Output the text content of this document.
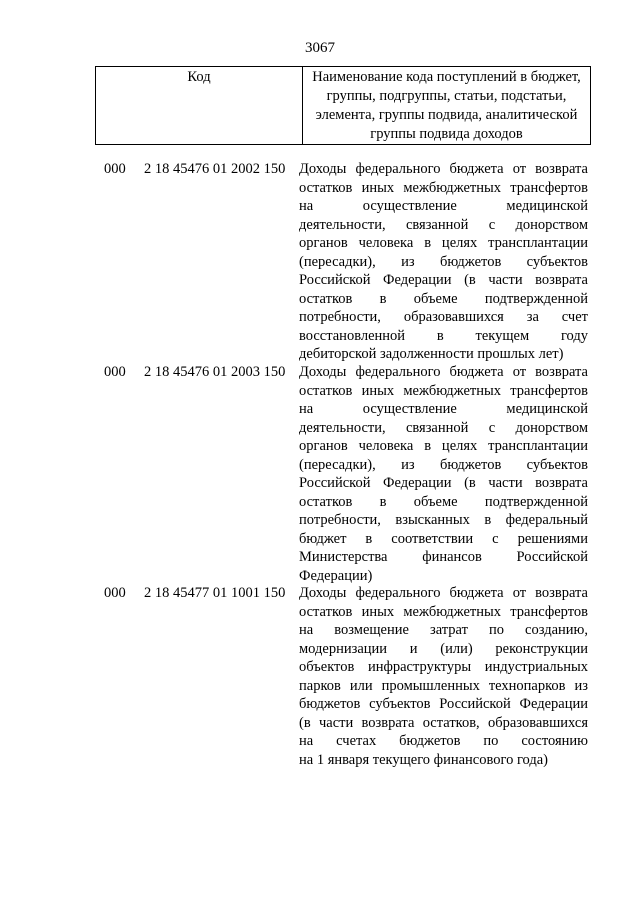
3067
Код	Наименование кода поступлений в бюджет, группы, подгруппы, статьи, подстатьи, элемента, группы подвида, аналитической группы подвида доходов
000 2 18 45476 01 2002 150 Доходы федерального бюджета от возврата
остатков иных межбюджетных трансфертов
на осуществление медицинской
деятельности, связанной с донорством
органов человека в целях трансплантации
(пересадки), из бюджетов субъектов
Российской Федерации (в части возврата
остатков в объеме подтвержденной
потребности, образовавшихся за счет
восстановленной в текущем году
дебиторской задолженности прошлых лет)
000 2 18 45476 01 2003 150 Доходы федерального бюджета от возврата
остатков иных межбюджетных трансфертов
на осуществление медицинской
деятельности, связанной с донорством
органов человека в целях трансплантации
(пересадки), из бюджетов субъектов
Российской Федерации (в части возврата
остатков в объеме подтвержденной
потребности, взысканных в федеральный
бюджет в соответствии с решениями
Министерства финансов Российской
Федерации)
000 2 18 45477 01 1001 150 Доходы федерального бюджета от возврата
остатков иных межбюджетных трансфертов
на возмещение затрат по созданию,
модернизации и (или) реконструкции
объектов инфраструктуры индустриальных
парков или промышленных технопарков из
бюджетов субъектов Российской Федерации
(в части возврата остатков, образовавшихся
на счетах бюджетов по состоянию
на 1 января текущего финансового года)
